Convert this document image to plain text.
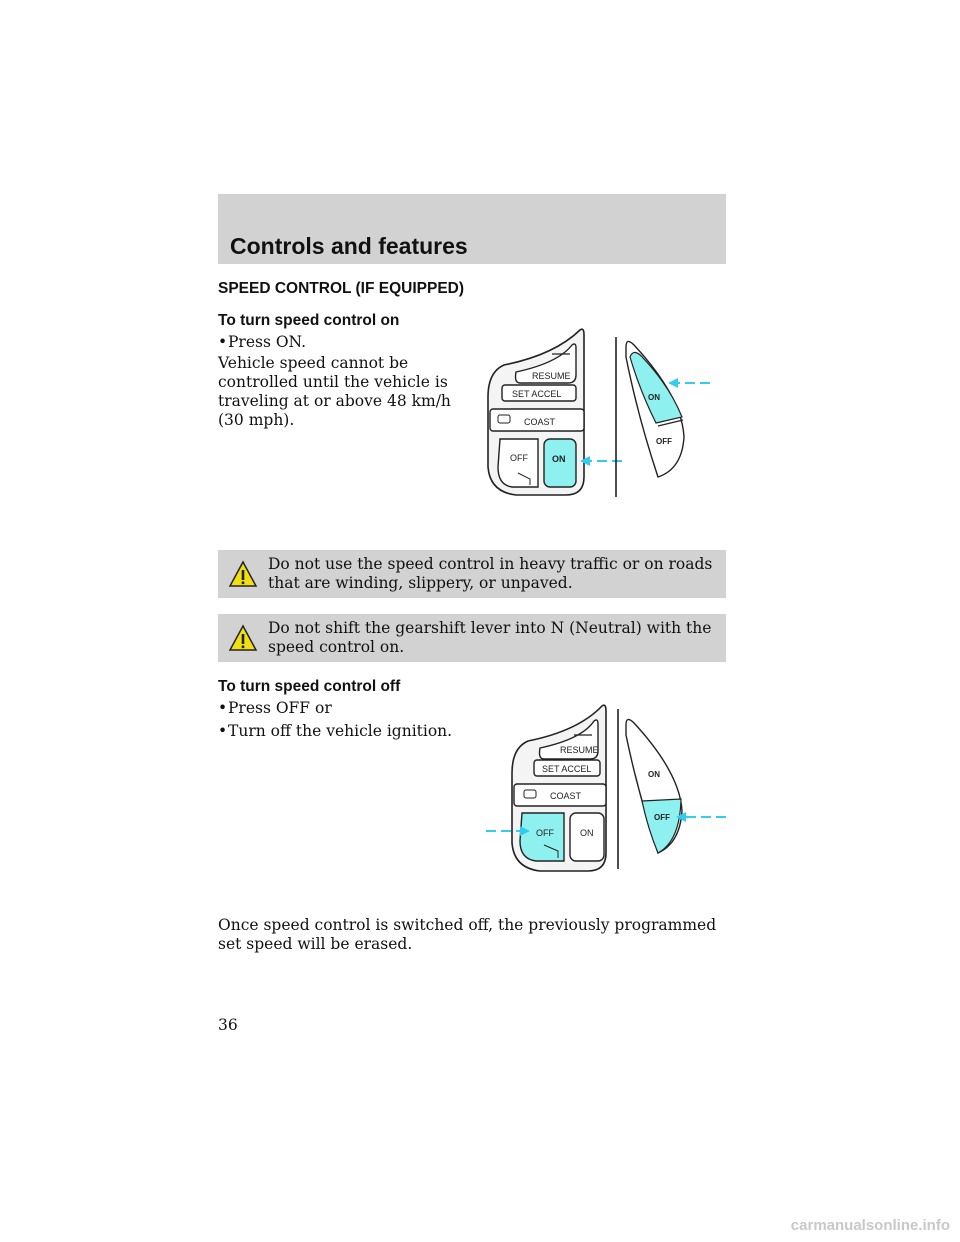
Controls and features
SPEED CONTROL (IF EQUIPPED)
To turn speed control on
•Press ON.
Vehicle speed cannot be controlled until the vehicle is traveling at or above 48 km/h (30 mph).
RESUME
SET ACCEL
COAST
OFF	ON
ON
OFF
Do not use the speed control in heavy traffic or on roads that are winding, slippery, or unpaved.
Do not shift the gearshift lever into N (Neutral) with the speed control on.
To turn speed control off
•Press OFF or
•Turn off the vehicle ignition.
RESUME
SET ACCEL
COAST
OFF	ON
ON
OFF
Once speed control is switched off, the previously programmed set speed will be erased.
36
carmanualsonline.info
